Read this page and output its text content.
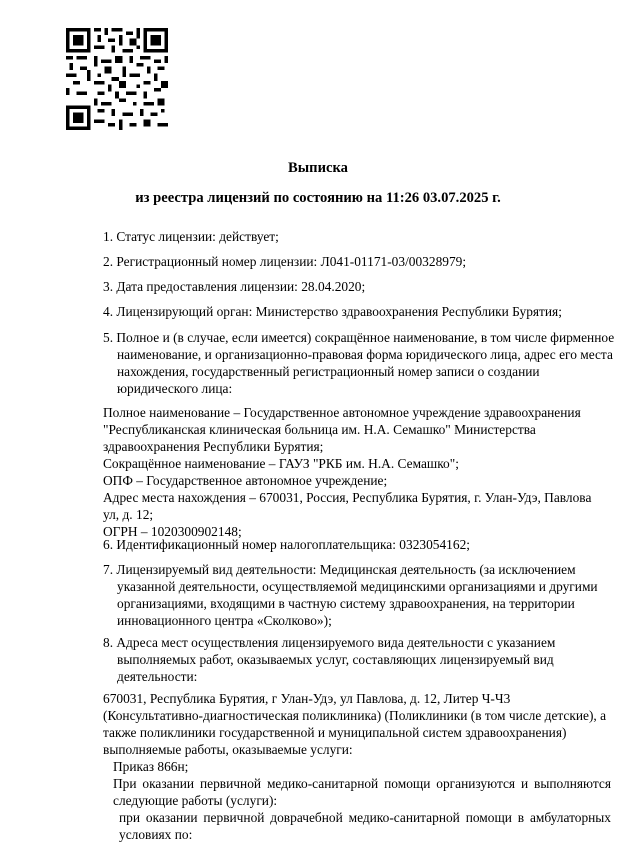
Выписка
из реестра лицензий по состоянию на 11:26 03.07.2025 г.

1. Статус лицензии: действует;

2. Регистрационный номер лицензии: Л041-01171-03/00328979;

3. Дата предоставления лицензии: 28.04.2020;

4. Лицензирующий орган: Министерство здравоохранения Республики Бурятия;

5. Полное и (в случае, если имеется) сокращённое наименование, в том числе фирменное наименование, и организационно-правовая форма юридического лица, адрес его места нахождения, государственный регистрационный номер записи о создании юридического лица:

Полное наименование – Государственное автономное учреждение здравоохранения "Республиканская клиническая больница им. Н.А. Семашко" Министерства здравоохранения Республики Бурятия;

Сокращённое наименование – ГАУЗ "РКБ им. Н.А. Семашко";

ОПФ – Государственное автономное учреждение;

Адрес места нахождения – 670031, Россия, Республика Бурятия, г. Улан-Удэ, Павлова ул, д. 12;

ОГРН – 1020300902148;

6. Идентификационный номер налогоплательщика: 0323054162;

7. Лицензируемый вид деятельности: Медицинская деятельность (за исключением указанной деятельности, осуществляемой медицинскими организациями и другими организациями, входящими в частную систему здравоохранения, на территории инновационного центра «Сколково»);

8. Адреса мест осуществления лицензируемого вида деятельности с указанием выполняемых работ, оказываемых услуг, составляющих лицензируемый вид деятельности:

670031, Республика Бурятия, г Улан-Удэ, ул Павлова, д. 12, Литер Ч-Ч3 (Консультативно-диагностическая поликлиника) (Поликлиники (в том числе детские), а также поликлиники государственной и муниципальной систем здравоохранения)

выполняемые работы, оказываемые услуги:

Приказ 866н;

При оказании первичной медико-санитарной помощи организуются и выполняются следующие работы (услуги):

при оказании первичной доврачебной медико-санитарной помощи в амбулаторных условиях по:
